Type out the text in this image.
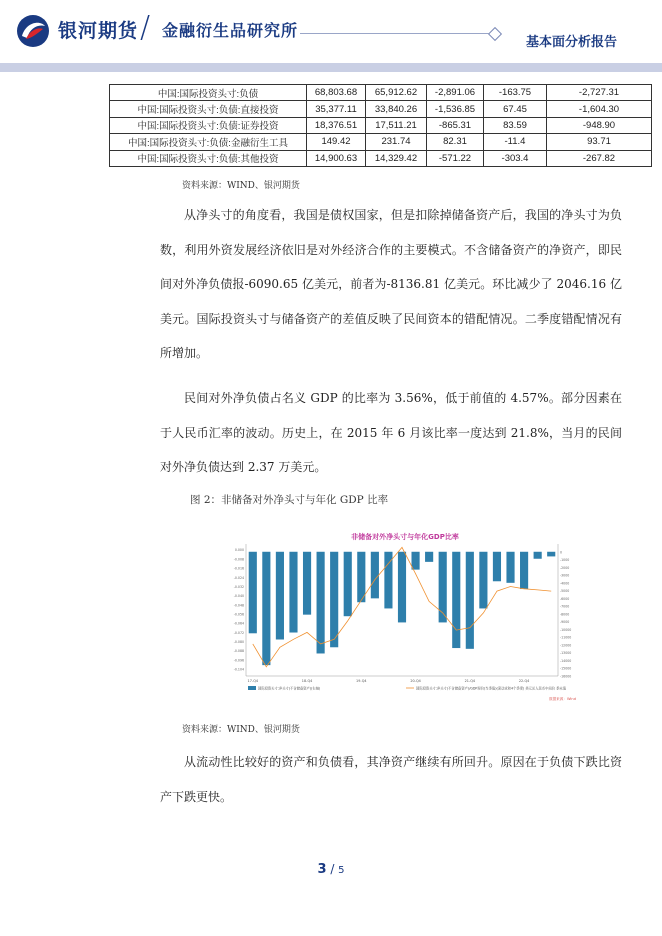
银河期货 / 金融衍生品研究所
基本面分析报告
中国:国际投资头寸:负债	68,803.68	65,912.62	-2,891.06	-163.75	-2,727.31
中国:国际投资头寸:负债:直接投资	35,377.11	33,840.26	-1,536.85	67.45	-1,604.30
中国:国际投资头寸:负债:证券投资	18,376.51	17,511.21	-865.31	83.59	-948.90
中国:国际投资头寸:负债:金融衍生工具	149.42	231.74	82.31	-11.4	93.71
中国:国际投资头寸:负债:其他投资	14,900.63	14,329.42	-571.22	-303.4	-267.82
资料来源：WIND、银河期货

从净头寸的角度看，我国是债权国家，但是扣除掉储备资产后，我国的净头寸为负数，利用外资发展经济依旧是对外经济合作的主要模式。不含储备资产的净资产，即民间对外净负债报-6090.65 亿美元，前者为-8136.81 亿美元。环比减少了 2046.16 亿美元。国际投资头寸与储备资产的差值反映了民间资本的错配情况。二季度错配情况有所增加。

民间对外净负债占名义 GDP 的比率为 3.56%，低于前值的 4.57%。部分因素在于人民币汇率的波动。历史上，在 2015 年 6 月该比率一度达到 21.8%，当月的民间对外净负债达到 2.37 万美元。

图 2：非储备对外净头寸与年化 GDP 比率
非储备对外净头寸与年化GDP比率
0.000
-0.008
-0.016
-0.024
-0.032
-0.040
-0.048
-0.056
-0.064
-0.072
-0.080
-0.088
-0.096
-0.104
0
-1000
-2000
-3000
-4000
-5000
-6000
-7000
-8000
-9000
-10000
-11000
-12000
-13000
-14000
-15000
-16000
17-Q4	18-Q4	19-Q4	20-Q4	21-Q4	22-Q4
国际投资头寸:净头寸(不含储备资产)(右轴)	国际投资头寸:净头寸(不含储备资产)/GDP现价(当季值)(滚动求和4个季度) 美元兑人民币中间价 季末值
数据来源：Wind
资料来源：WIND、银河期货

从流动性比较好的资产和负债看，其净资产继续有所回升。原因在于负债下跌比资产下跌更快。

3 / 5
